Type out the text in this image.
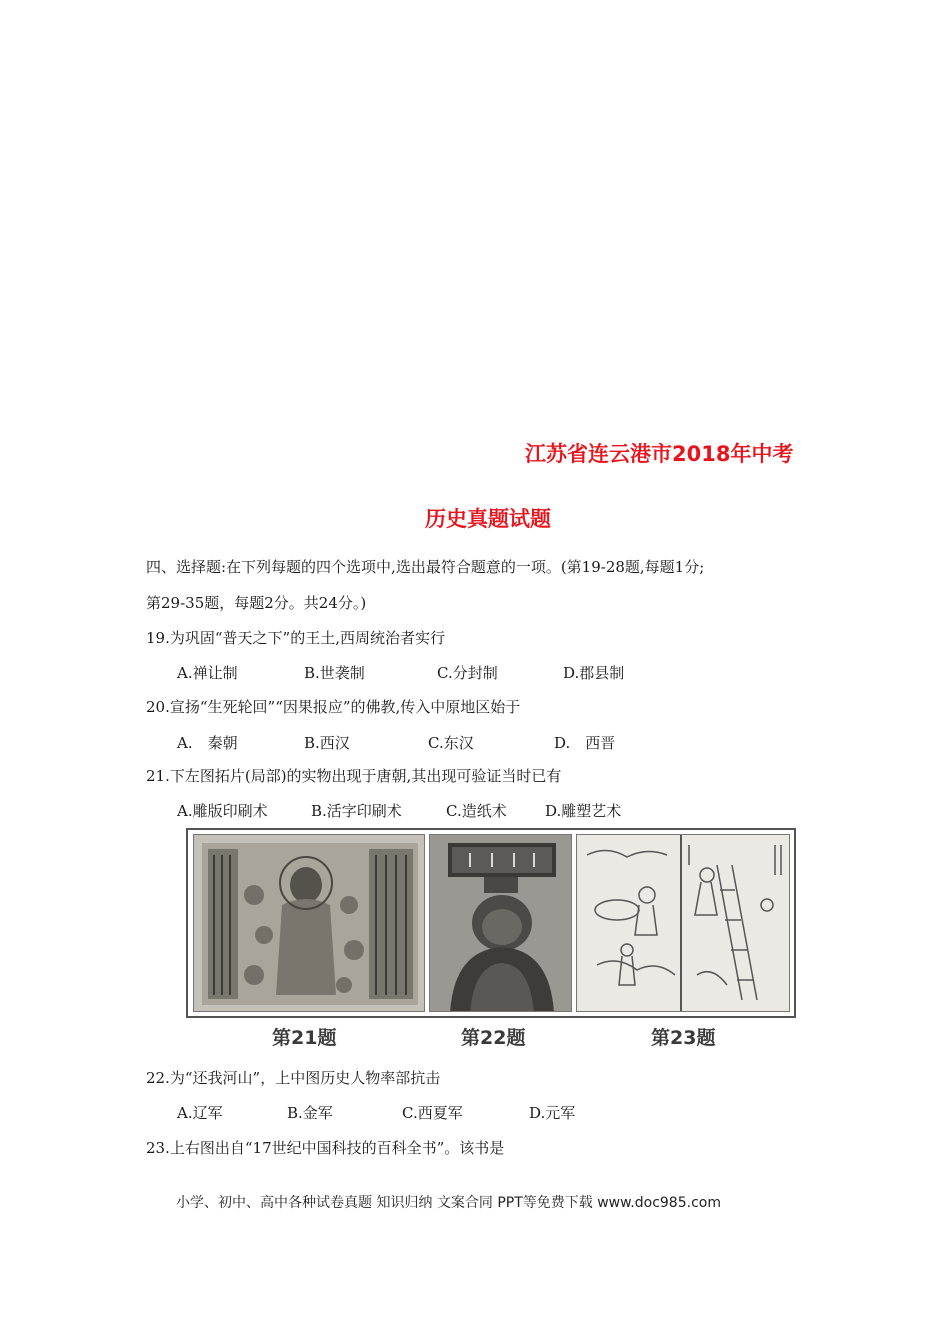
江苏省连云港市2018年中考
历史真题试题
四、选择题:在下列每题的四个选项中,选出最符合题意的一项。(第19-28题,每题1分;
第29-35题，每题2分。共24分。)
19.为巩固“普天之下”的王土,西周统治者实行
A.禅让制	B.世袭制	C.分封制	D.郡县制
20.宣扬“生死轮回”“因果报应”的佛教,传入中原地区始于
A.　秦朝	B.西汉	C.东汉	D.　西晋
21.下左图拓片(局部)的实物出现于唐朝,其出现可验证当时已有
A.雕版印刷术	B.活字印刷术	C.造纸术	D.雕塑艺术
第21题	第22题	第23题
22.为“还我河山”，上中图历史人物率部抗击
A.辽军	B.金军	C.西夏军	D.元军
23.上右图出自“17世纪中国科技的百科全书”。该书是
小学、初中、高中各种试卷真题 知识归纳 文案合同 PPT等免费下载 www.doc985.com
